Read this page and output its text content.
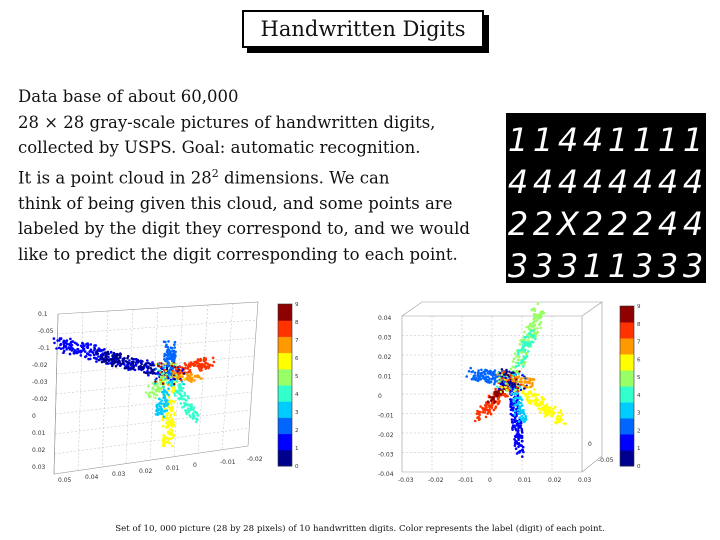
Handwritten Digits

Data base of about 60,000

28 × 28 gray-scale pictures of handwritten digits,

collected by USPS. Goal: automatic recognition.

It is a point cloud in $28^2$ dimensions. We can

think of being given this cloud, and some points are

labeled by the digit they correspond to, and we would

like to predict the digit corresponding to each point.

1 1 4 4 1 1 1 1
4 4 4 4 4 4 4 4
2 2 X 2 2 2 4 4
3 3 3 1 1 3 3 3
0.1
-0.05
-0.1
-0.02
-0.03
-0.02
0
0.01
0.02
0.03
0.05 0.04 0.03 0.02 0.01 0	-0.01 -0.02
0
1
2
3
4
5
6
7
8
9
0.04
0.03
0.02
0.01
0
-0.01
-0.02
-0.03
-0.04
-0.03 -0.02 -0.01 0	0.01	0.02	0.03
0
-0.05
0
1
2
3
4
5
6
7
8
9
Set of 10, 000 picture (28 by 28 pixels) of 10 handwritten digits. Color represents the label (digit) of each point.
